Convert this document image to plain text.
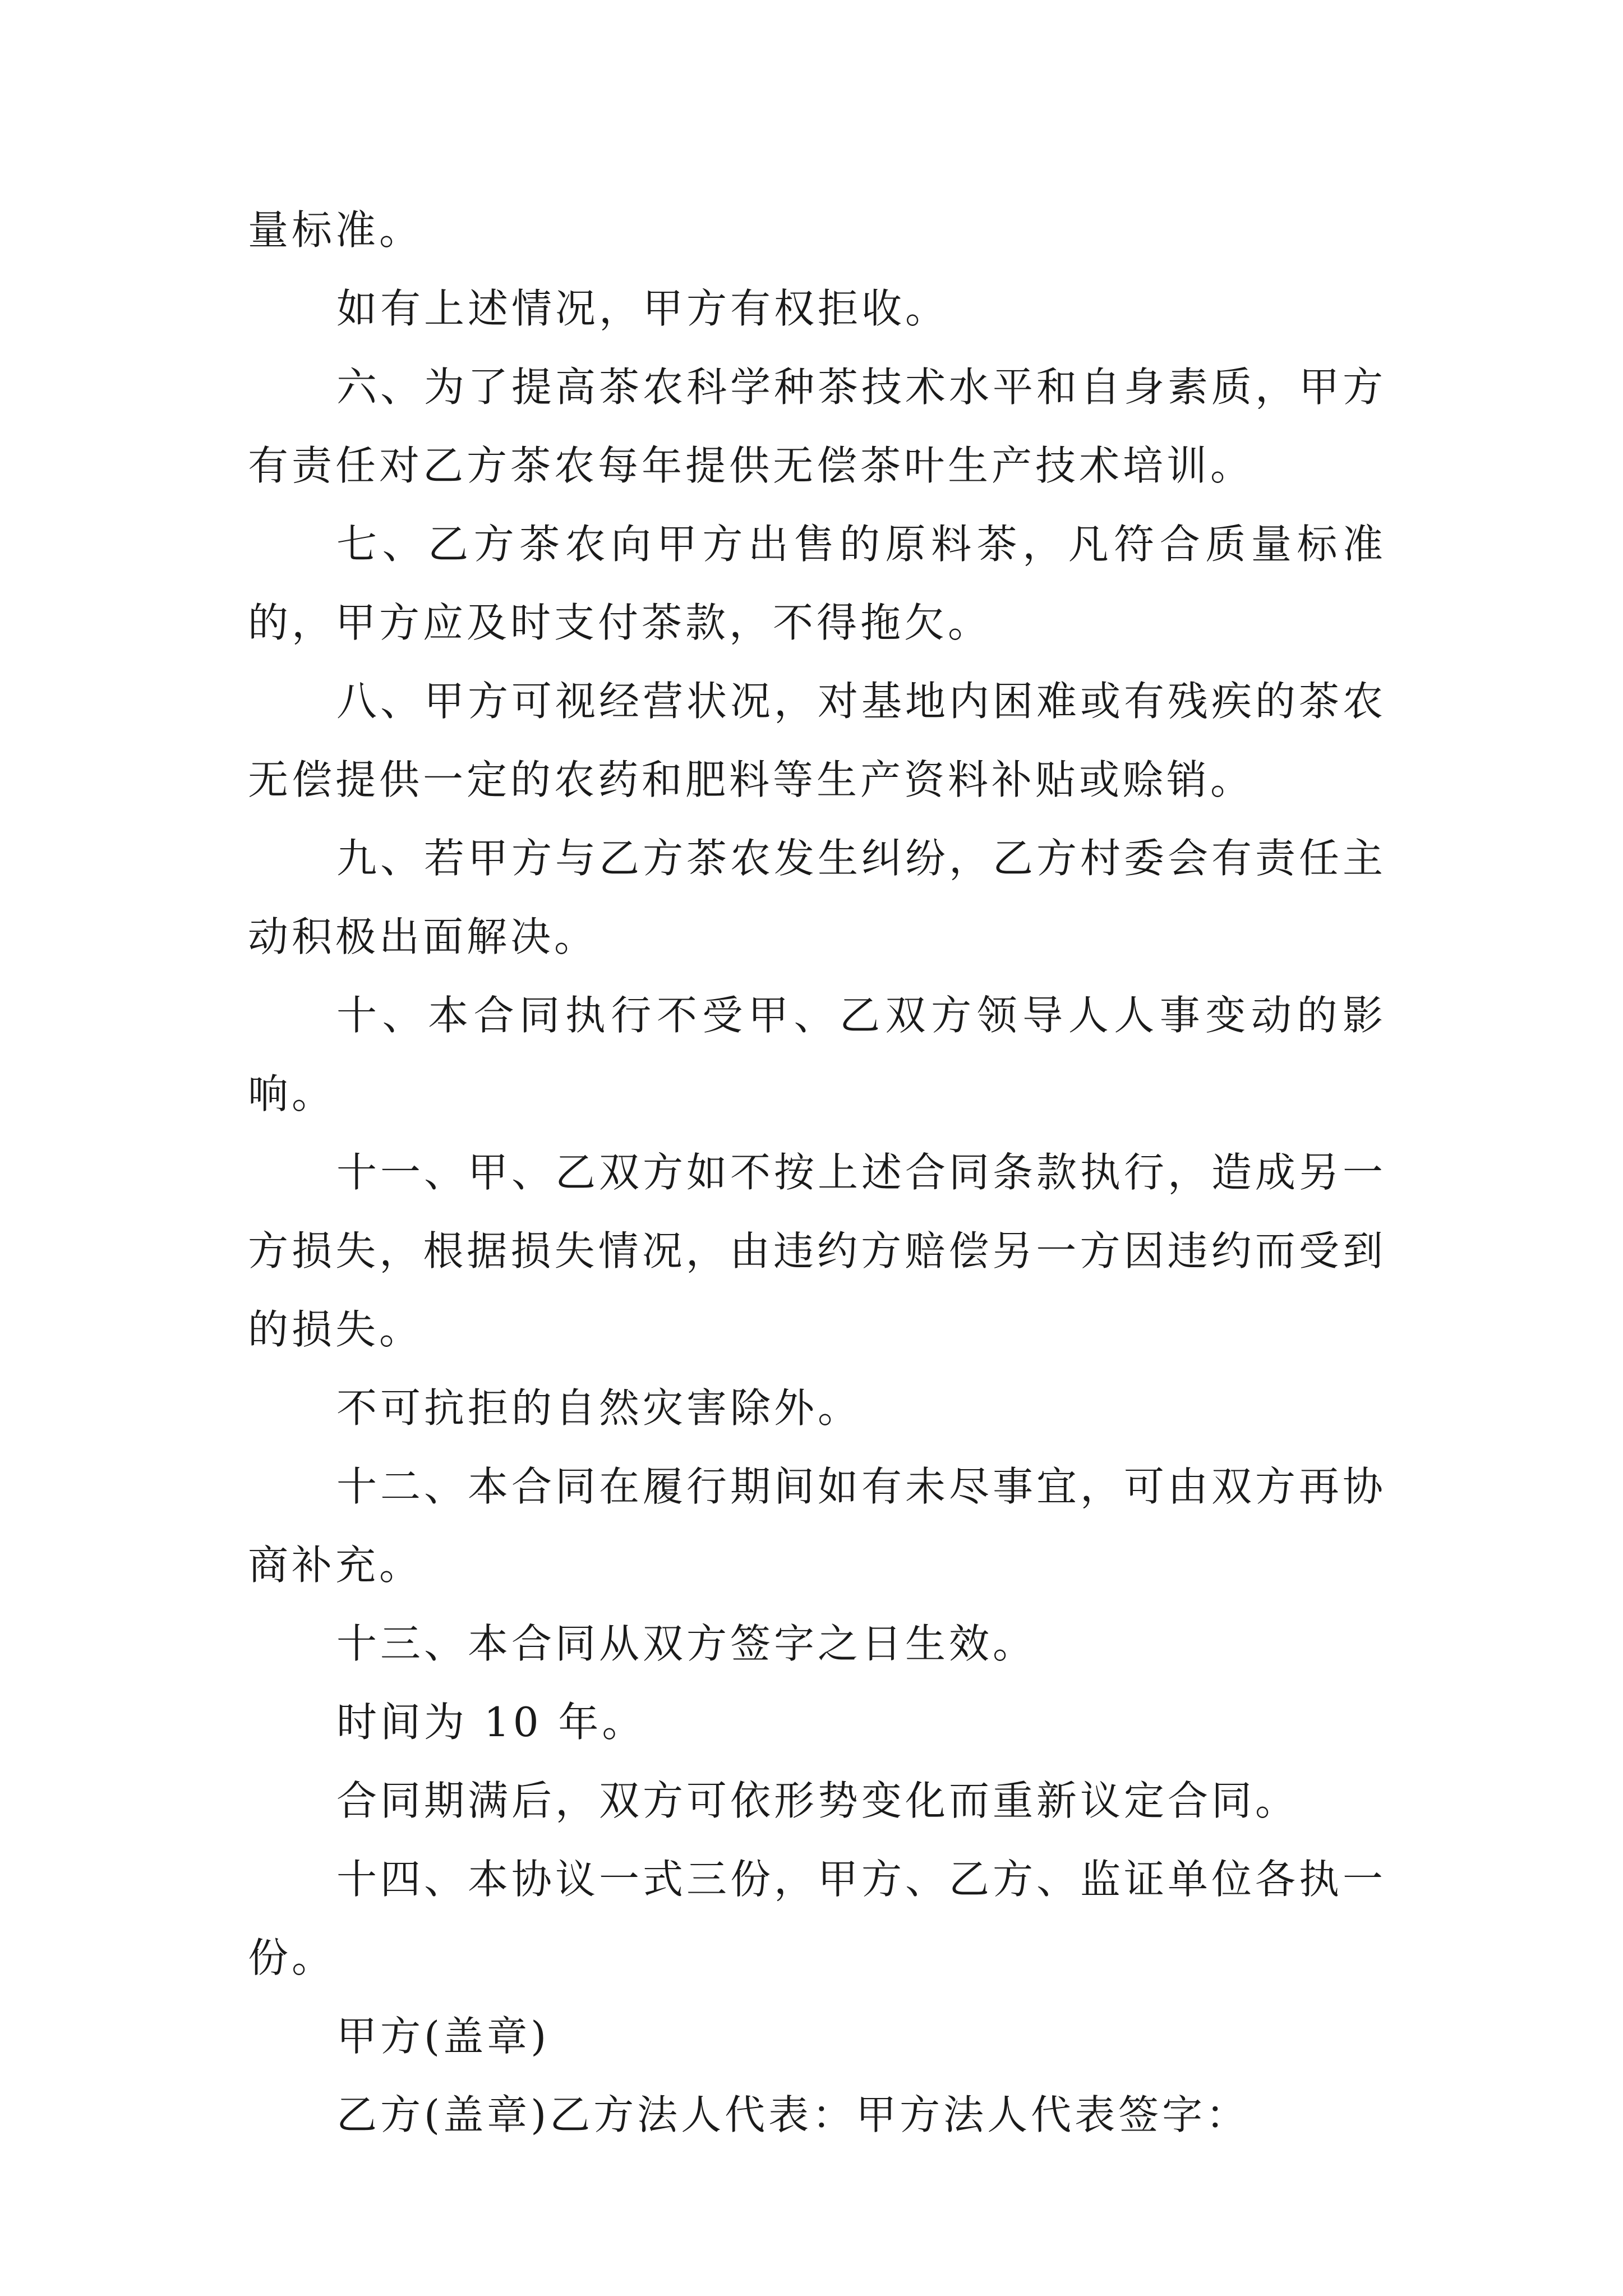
量标准。

如有上述情况，甲方有权拒收。

六、为了提高茶农科学种茶技术水平和自身素质，甲方有责任对乙方茶农每年提供无偿茶叶生产技术培训。

七、乙方茶农向甲方出售的原料茶，凡符合质量标准的，甲方应及时支付茶款，不得拖欠。

八、甲方可视经营状况，对基地内困难或有残疾的茶农无偿提供一定的农药和肥料等生产资料补贴或赊销。

九、若甲方与乙方茶农发生纠纷，乙方村委会有责任主动积极出面解决。

十、本合同执行不受甲、乙双方领导人人事变动的影响。

十一、甲、乙双方如不按上述合同条款执行，造成另一方损失，根据损失情况，由违约方赔偿另一方因违约而受到的损失。

不可抗拒的自然灾害除外。

十二、本合同在履行期间如有未尽事宜，可由双方再协商补充。

十三、本合同从双方签字之日生效。

时间为 10 年。

合同期满后，双方可依形势变化而重新议定合同。

十四、本协议一式三份，甲方、乙方、监证单位各执一份。

甲方(盖章)

乙方(盖章)乙方法人代表：甲方法人代表签字：
